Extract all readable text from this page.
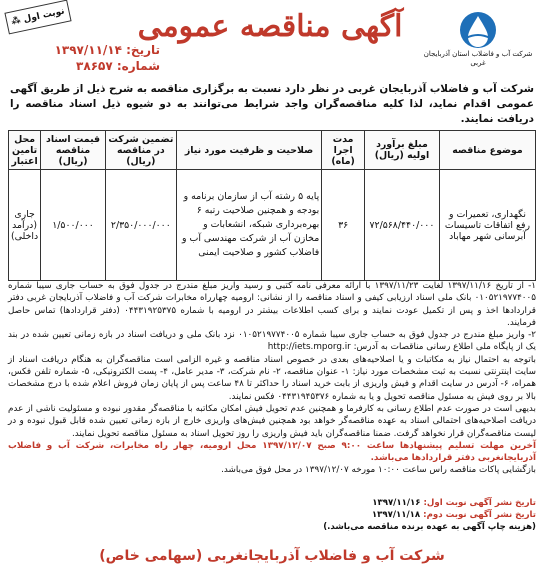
نوبت اول ⁂	آگهی مناقصه عمومی
شرکت آب و فاضلاب استان آذربایجان غربی
تاریخ: ۱۳۹۷/۱۱/۱۴
شماره: ۳۸۶۵۷
شرکت آب و فاضلاب آذربایجان غربی در نظر دارد نسبت به برگزاری مناقصه به شرح ذیل از طریق آگهی عمومی اقدام نماید، لذا کلیه مناقصه‌گران واجد شرایط می‌توانند به دو شیوه ذیل اسناد مناقصه را دریافت نمایند.
موضوع مناقصه	مبلغ برآورد اولیه (ریال)	مدت اجرا (ماه)	صلاحیت و ظرفیت مورد نیاز	تضمین شرکت در مناقصه (ریال)	قیمت اسناد مناقصه (ریال)	محل تامین اعتبار
نگهداری، تعمیرات و رفع اتفاقات تاسیسات آبرسانی شهر مهاباد	۷۲/۵۶۸/۴۴۰/۰۰۰	۳۶	پایه ۵ رشته آب از سازمان برنامه و بودجه و همچنین صلاحیت رتبه ۶ بهره‌برداری شبکه، انشعابات و مخازن آب از شرکت مهندسی آب و فاضلاب کشور و صلاحیت ایمنی	۲/۳۵۰/۰۰۰/۰۰۰	۱/۵۰۰/۰۰۰	جاری (درآمد داخلی)

۱- از تاریخ ۱۳۹۷/۱۱/۱۶ لغایت ۱۳۹۷/۱۱/۲۳ با ارائه معرفی نامه کتبی و رسید واریز مبلغ مندرج در جدول فوق به حساب جاری سیبا شماره ۰۱۰۵۲۱۹۷۷۴۰۰۵ بانک ملی اسناد ارزیابی کیفی و اسناد مناقصه را از نشانی: ارومیه چهارراه مخابرات شرکت آب و فاضلاب آذربایجان غربی دفتر قراردادها اخذ و پس از تکمیل عودت نمایند و برای کسب اطلاعات بیشتر در ارومیه با شماره ۰۴۴۳۱۹۲۵۳۷۵ (دفتر قراردادها) تماس حاصل فرمایند.

۲- واریز مبلغ مندرج در جدول فوق به حساب جاری سیبا شماره ۰۱۰۵۲۱۹۷۷۴۰۰۵ نزد بانک ملی و دریافت اسناد در بازه زمانی تعیین شده در بند یک از پایگاه ملی اطلاع رسانی مناقصات به آدرس: http://iets.mporg.ir

باتوجه به احتمال نیاز به مکاتبات و یا اصلاحیه‌های بعدی در خصوص اسناد مناقصه و غیره الزامی است مناقصه‌گران به هنگام دریافت اسناد از سایت اینترنتی نسبت به ثبت مشخصات مورد نیاز: ۱- عنوان مناقصه، ۲- نام شرکت، ۳- مدیر عامل، ۴- پست الکترونیکی، ۵- شماره تلفن فکس، همراه، ۶- آدرس در سایت اقدام و فیش واریزی از بابت خرید اسناد را حداکثر تا ۴۸ ساعت پس از پایان زمان فروش اعلام شده با درج مشخصات بالا بر روی فیش به مسئول مناقصه تحویل و یا به شماره ۰۴۴۳۱۹۴۵۳۷۶ فکس نمایند.

بدیهی است در صورت عدم اطلاع رسانی به کارفرما و همچنین عدم تحویل فیش امکان مکاتبه با مناقصه‌گر مقدور نبوده و مسئولیت ناشی از عدم دریافت اصلاحیه‌های احتمالی اسناد به عهده مناقصه‌گر خواهد بود همچنین فیش‌های واریزی خارج از بازه زمانی تعیین شده قابل قبول نبوده و در لیست مناقصه‌گران قرار نخواهد گرفت. ضمنا مناقصه‌گران باید فیش واریزی را روز تحویل اسناد به مسئول مناقصه تحویل نمایند.

آخرین مهلت تسلیم پیشنهادها ساعت ۹:۰۰ صبح ۱۳۹۷/۱۲/۰۷ محل ارومیه، چهار راه مخابرات، شرکت آب و فاضلاب آذربایجانغربی دفتر قراردادها می‌باشد.

بازگشایی پاکات مناقصه راس ساعت ۱۰:۰۰ مورخه ۱۳۹۷/۱۲/۰۷ در محل فوق می‌باشد.

تاریخ نشر آگهی نوبت اول: ۱۳۹۷/۱۱/۱۶
تاریخ نشر آگهی نوبت دوم: ۱۳۹۷/۱۱/۱۸
(هزینه چاپ آگهی به عهده برنده مناقصه می‌باشد.)
شرکت آب و فاضلاب آذربایجانغربی (سهامی خاص)
